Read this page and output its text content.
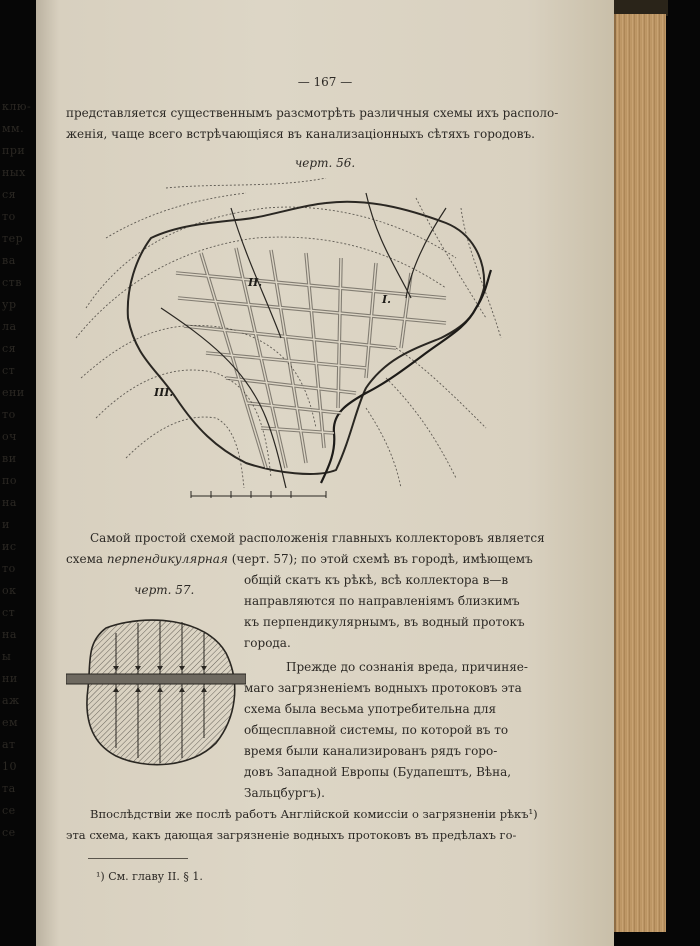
клю-
мм.
при
ных
ся
то
тер
ва
ств
ур
ла
ся
ст
ени
то
оч
ви
по
на
и
ис
то
ок
ст
на
ы
ни
аж
ем
ат
10
та
се
се
— 167 —
представляется существеннымъ разсмотрѣть различныя схемы ихъ располо-
женія, чаще всего встрѣчающіяся въ канализаціонныхъ сѣтяхъ городовъ.
черт. 56.
II.
I.
III.
Самой простой схемой расположенія главныхъ коллекторовъ является
схема перпендикулярная (черт. 57); по этой схемѣ въ городѣ, имѣющемъ
общій скатъ къ рѣкѣ, всѣ коллектора в—в
направляются по направленіямъ близкимъ
къ перпендикулярнымъ, въ водный протокъ
города.
черт. 57.
Прежде до сознанія вреда, причиняе-
маго загрязненіемъ водныхъ протоковъ эта
схема была весьма употребительна для
общесплавной системы, по которой въ то
время были канализированъ рядъ горо-
довъ Западной Европы (Будапештъ, Вѣна,
Зальцбургъ).
Впослѣдствіи же послѣ работъ Англійской комиссіи о загрязненіи рѣкъ¹)
эта схема, какъ дающая загрязненіе водныхъ протоковъ въ предѣлахъ го-
¹) См. главу II. § 1.
